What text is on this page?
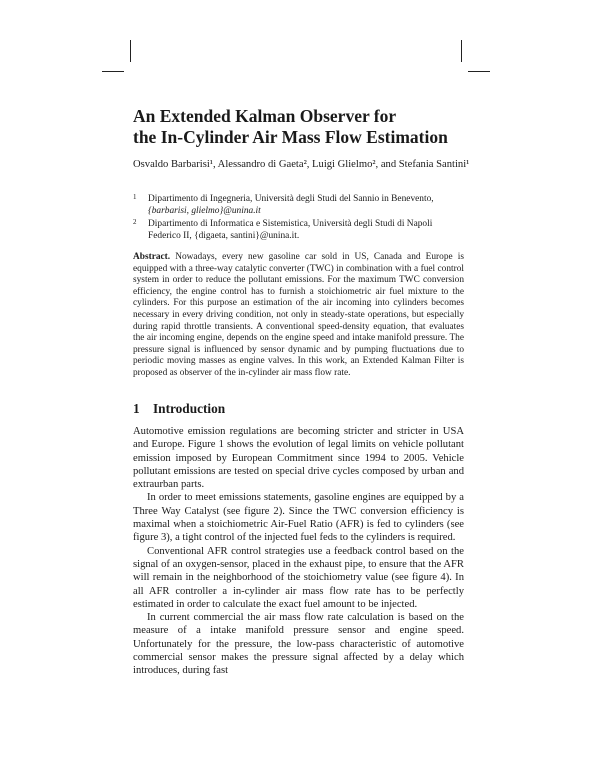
An Extended Kalman Observer for
the In-Cylinder Air Mass Flow Estimation
Osvaldo Barbarisi¹, Alessandro di Gaeta², Luigi Glielmo², and Stefania Santini¹
1 Dipartimento di Ingegneria, Università degli Studi del Sannio in Benevento,
{barbarisi, glielmo}@unina.it
2 Dipartimento di Informatica e Sistemistica, Università degli Studi di Napoli
Federico II, {digaeta, santini}@unina.it.
Abstract. Nowadays, every new gasoline car sold in US, Canada and Europe is equipped with a three-way catalytic converter (TWC) in combination with a fuel control system in order to reduce the pollutant emissions. For the maximum TWC conversion efficiency, the engine control has to furnish a stoichiometric air fuel mixture to the cylinders. For this purpose an estimation of the air incoming into cylinders becomes necessary in every driving condition, not only in steady-state operations, but especially during rapid throttle transients. A conventional speed-density equation, that evaluates the air incoming engine, depends on the engine speed and intake manifold pressure. The pressure signal is influenced by sensor dynamic and by pumping fluctuations due to periodic moving masses as engine valves. In this work, an Extended Kalman Filter is proposed as observer of the in-cylinder air mass flow rate.
1 Introduction

Automotive emission regulations are becoming stricter and stricter in USA and Europe. Figure 1 shows the evolution of legal limits on vehicle pollutant emission imposed by European Commitment since 1994 to 2005. Vehicle pollutant emissions are tested on special drive cycles composed by urban and extraurban parts.

In order to meet emissions statements, gasoline engines are equipped by a Three Way Catalyst (see figure 2). Since the TWC conversion efficiency is maximal when a stoichiometric Air-Fuel Ratio (AFR) is fed to cylinders (see figure 3), a tight control of the injected fuel feds to the cylinders is required.

Conventional AFR control strategies use a feedback control based on the signal of an oxygen-sensor, placed in the exhaust pipe, to ensure that the AFR will remain in the neighborhood of the stoichiometry value (see figure 4). In all AFR controller a in-cylinder air mass flow rate has to be perfectly estimated in order to calculate the exact fuel amount to be injected.

In current commercial the air mass flow rate calculation is based on the measure of a intake manifold pressure sensor and engine speed. Unfortunately for the pressure, the low-pass characteristic of automotive commercial sensor makes the pressure signal affected by a delay which introduces, during fast
